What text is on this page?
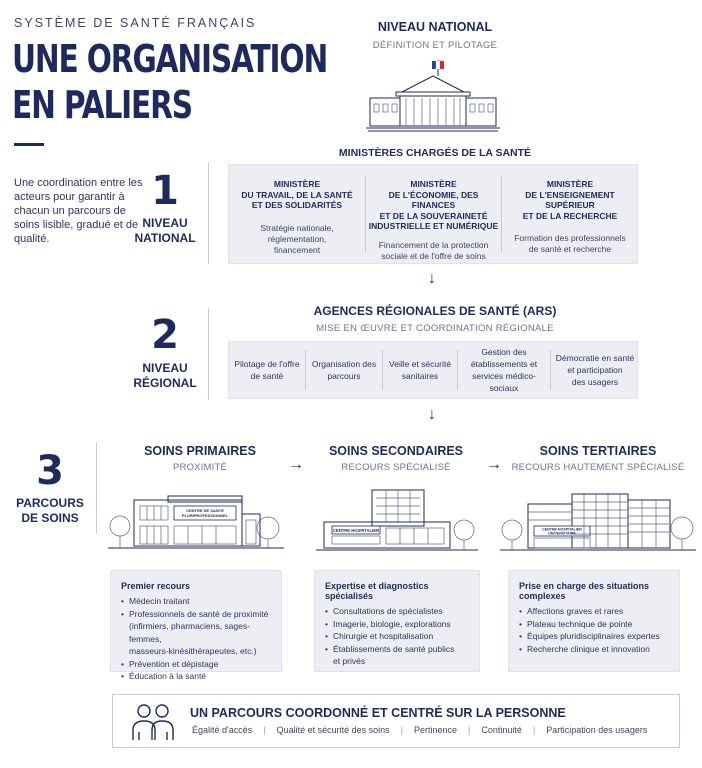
SYSTÈME DE SANTÉ FRANÇAIS
UNE ORGANISATION
EN PALIERS
Une coordination entre les acteurs pour garantir à chacun un parcours de soins lisible, gradué et de qualité.
NIVEAU NATIONAL
DÉFINITION ET PILOTAGE
MINISTÈRES CHARGÉS DE LA SANTÉ
1
NIVEAU
NATIONAL
MINISTÈRE
DU TRAVAIL, DE LA SANTÉ
ET DES SOLIDARITÉS
Stratégie nationale,
réglementation,
financement
MINISTÈRE
DE L'ÉCONOMIE, DES FINANCES
ET DE LA SOUVERAINETÉ
INDUSTRIELLE ET NUMÉRIQUE
Financement de la protection
sociale et de l'offre de soins
MINISTÈRE
DE L'ENSEIGNEMENT SUPÉRIEUR
ET DE LA RECHERCHE
Formation des professionnels
de santé et recherche
↓
AGENCES RÉGIONALES DE SANTÉ (ARS)
MISE EN ŒUVRE ET COORDINATION RÉGIONALE
2
NIVEAU
RÉGIONAL
Pilotage de l'offre
de santé
Organisation des
parcours
Veille et sécurité
sanitaires
Gestion des
établissements et
services médico-sociaux
Démocratie en santé
et participation
des usagers
↓
3
PARCOURS
DE SOINS
SOINS PRIMAIRES
PROXIMITÉ	→
SOINS SECONDAIRES
RECOURS SPÉCIALISÉ	→
SOINS TERTIAIRES
RECOURS HAUTEMENT SPÉCIALISÉ
CENTRE DE SANTÉ
PLURIPROFESSIONNEL
CENTRE HOSPITALIER	CENTRE HOSPITALIER
UNIVERSITAIRE
Premier recours
• Médecin traitant
• Professionnels de santé de proximité
(infirmiers, pharmaciens, sages-femmes,
masseurs-kinésithérapeutes, etc.)
• Prévention et dépistage
• Éducation à la santé
Expertise et diagnostics spécialisés
• Consultations de spécialistes
• Imagerie, biologie, explorations
• Chirurgie et hospitalisation
• Établissements de santé publics
et privés
Prise en charge des situations complexes
• Affections graves et rares
• Plateau technique de pointe
• Équipes pluridisciplinaires expertes
• Recherche clinique et innovation
UN PARCOURS COORDONNÉ ET CENTRÉ SUR LA PERSONNE
Égalité d'accès | Qualité et sécurité des soins | Pertinence | Continuité | Participation des usagers
